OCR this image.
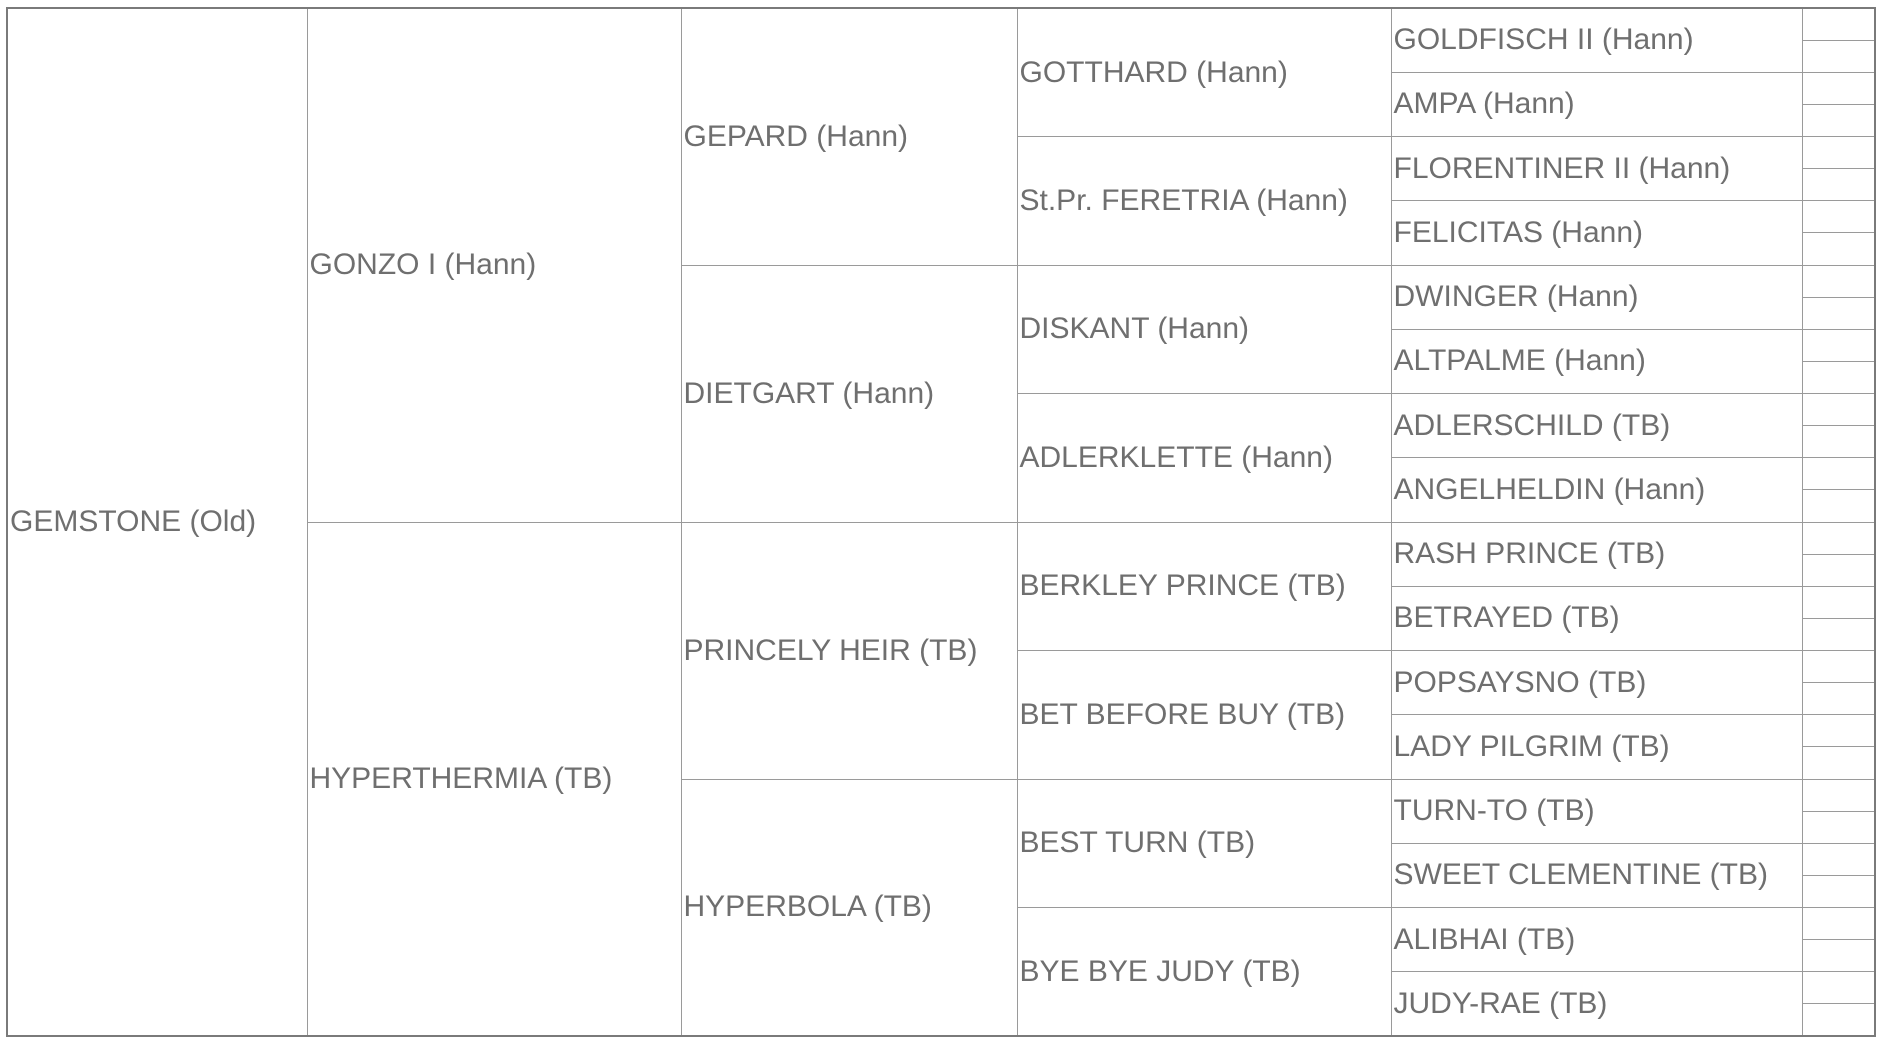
GEMSTONE (Old)	GONZO I (Hann)	GEPARD (Hann)	GOTTHARD (Hann)	GOLDFISCH II (Hann)	

				AMPA (Hann)	

			St.Pr. FERETRIA (Hann)	FLORENTINER II (Hann)	

				FELICITAS (Hann)	

		DIETGART (Hann)	DISKANT (Hann)	DWINGER (Hann)	

				ALTPALME (Hann)	

			ADLERKLETTE (Hann)	ADLERSCHILD (TB)	

				ANGELHELDIN (Hann)	

	HYPERTHERMIA (TB)	PRINCELY HEIR (TB)	BERKLEY PRINCE (TB)	RASH PRINCE (TB)	

				BETRAYED (TB)	

			BET BEFORE BUY (TB)	POPSAYSNO (TB)	

				LADY PILGRIM (TB)	

		HYPERBOLA (TB)	BEST TURN (TB)	TURN-TO (TB)	

				SWEET CLEMENTINE (TB)	

			BYE BYE JUDY (TB)	ALIBHAI (TB)	

				JUDY-RAE (TB)	
